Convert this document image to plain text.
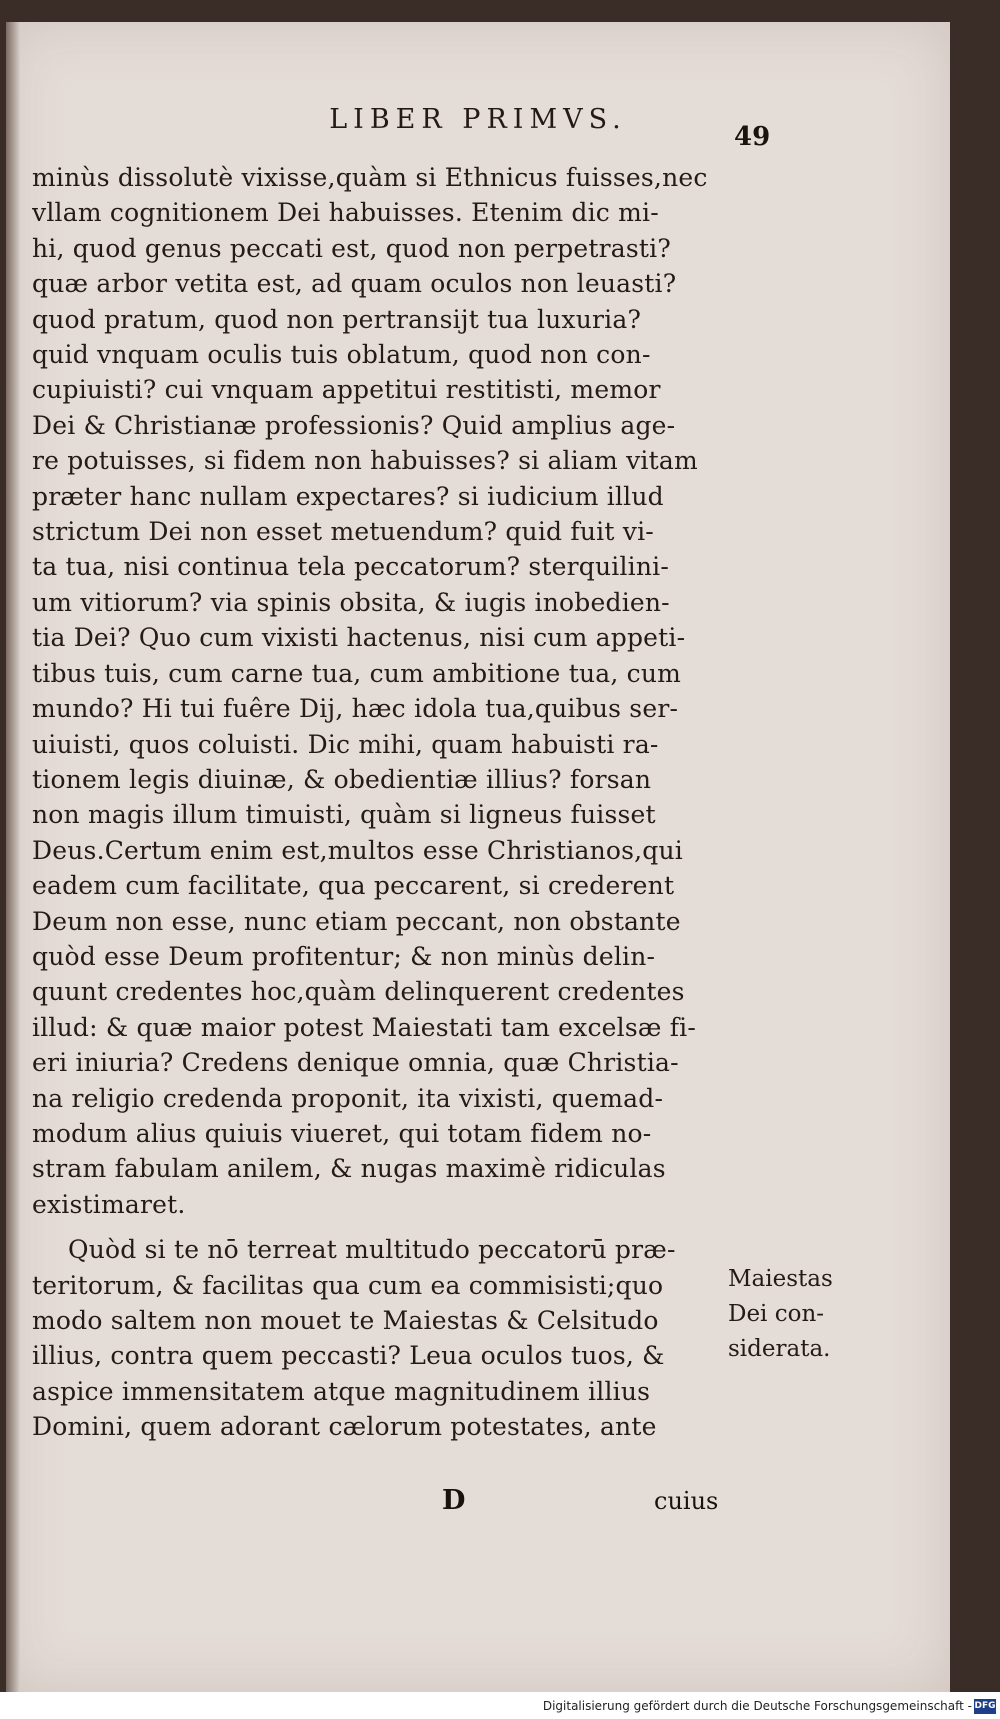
LIBER PRIMVS.
49
minùs dissolutè vixisse,quàm si Ethnicus fuisses,nec
vllam cognitionem Dei habuisses. Etenim dic mi-
hi, quod genus peccati est, quod non perpetrasti?
quæ arbor vetita est, ad quam oculos non leuasti?
quod pratum, quod non pertransijt tua luxuria?
quid vnquam oculis tuis oblatum, quod non con-
cupiuisti? cui vnquam appetitui restitisti, memor
Dei & Christianæ professionis? Quid amplius age-
re potuisses, si fidem non habuisses? si aliam vitam
præter hanc nullam expectares? si iudicium illud
strictum Dei non esset metuendum? quid fuit vi-
ta tua, nisi continua tela peccatorum? sterquilini-
um vitiorum? via spinis obsita, & iugis inobedien-
tia Dei? Quo cum vixisti hactenus, nisi cum appeti-
tibus tuis, cum carne tua, cum ambitione tua, cum
mundo? Hi tui fuêre Dij, hæc idola tua,quibus ser-
uiuisti, quos coluisti. Dic mihi, quam habuisti ra-
tionem legis diuinæ, & obedientiæ illius? forsan
non magis illum timuisti, quàm si ligneus fuisset
Deus.Certum enim est,multos esse Christianos,qui
eadem cum facilitate, qua peccarent, si crederent
Deum non esse, nunc etiam peccant, non obstante
quòd esse Deum profitentur; & non minùs delin-
quunt credentes hoc,quàm delinquerent credentes
illud: & quæ maior potest Maiestati tam excelsæ fi-
eri iniuria? Credens denique omnia, quæ Christia-
na religio credenda proponit, ita vixisti, quemad-
modum alius quiuis viueret, qui totam fidem no-
stram fabulam anilem, & nugas maximè ridiculas
existimaret.
Quòd si te nō terreat multitudo peccatorū præ-
teritorum, & facilitas qua cum ea commisisti;quo
modo saltem non mouet te Maiestas & Celsitudo
illius, contra quem peccasti? Leua oculos tuos, &
aspice immensitatem atque magnitudinem illius
Domini, quem adorant cælorum potestates, ante
Maiestas
Dei con-
siderata.
D	cuius
Digitalisierung gefördert durch die Deutsche Forschungsgemeinschaft - DFG
